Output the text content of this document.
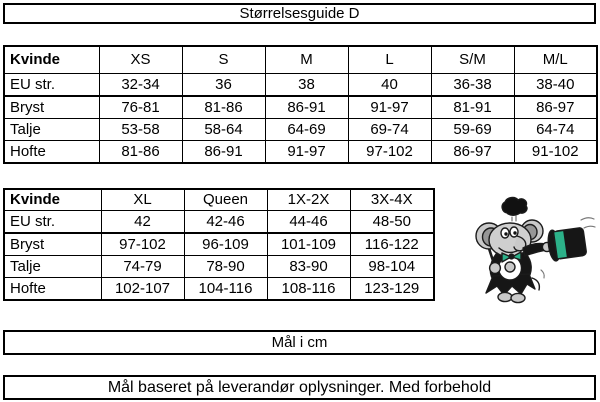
Størrelsesguide D
Kvinde	XS	S	M	L	S/M	M/L
EU str.	32-34	36	38	40	36-38	38-40
Bryst	76-81	81-86	86-91	91-97	81-91	86-97
Talje	53-58	58-64	64-69	69-74	59-69	64-74
Hofte	81-86	86-91	91-97	97-102	86-97	91-102
Kvinde	XL	Queen	1X-2X	3X-4X
EU str.	42	42-46	44-46	48-50
Bryst	97-102	96-109	101-109	116-122
Talje	74-79	78-90	83-90	98-104
Hofte	102-107	104-116	108-116	123-129
Mål i cm
Mål baseret på leverandør oplysninger. Med forbehold
